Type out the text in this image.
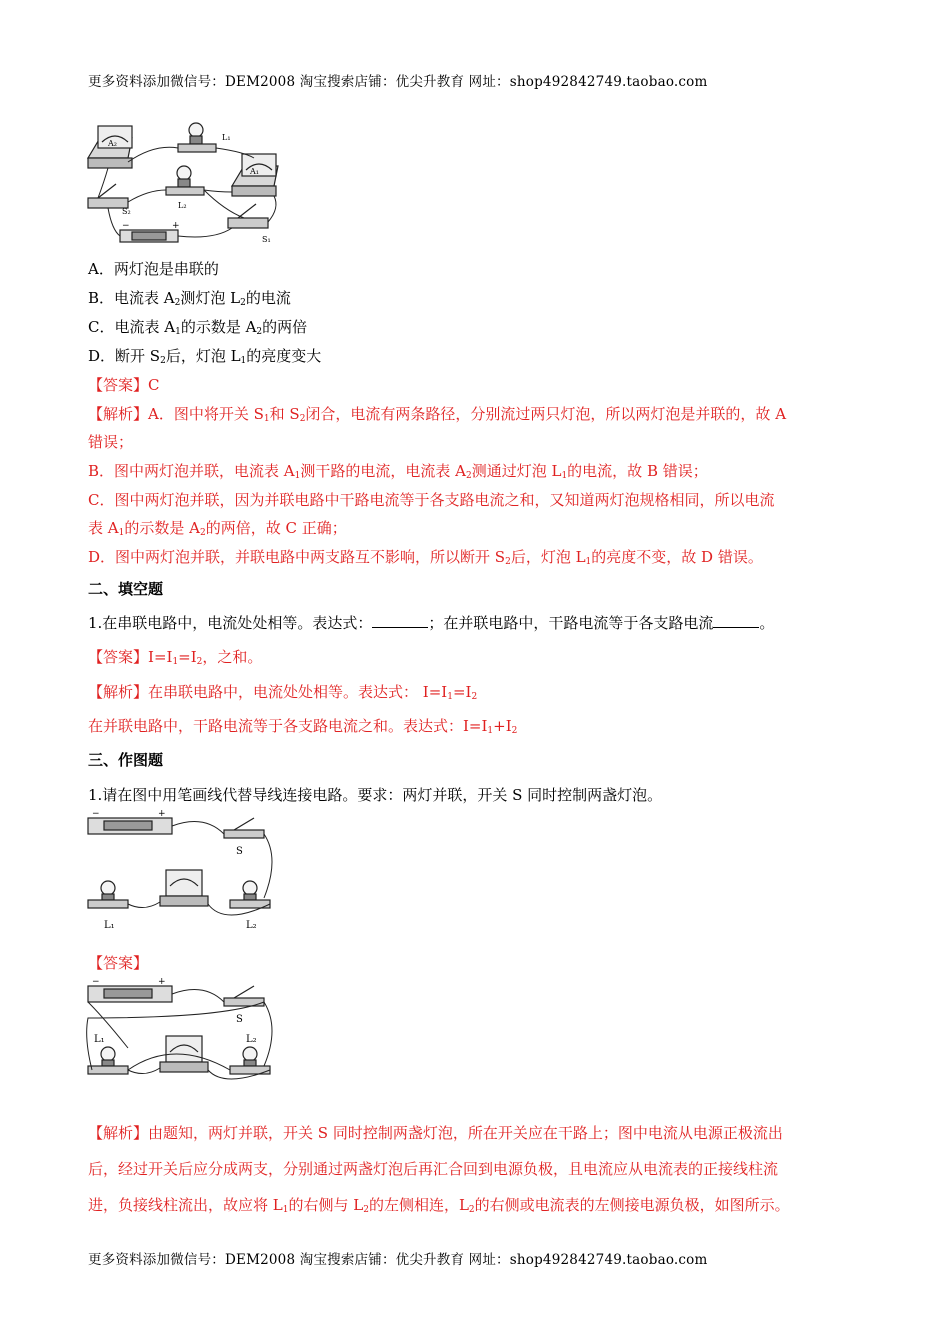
更多资料添加微信号：DEM2008 淘宝搜索店铺：优尖升教育 网址：shop492842749.taobao.com
A₂
L₁
A₁
L₂
S₂
S₁
−	+
A．两灯泡是串联的
B．电流表 $A_2$测灯泡 $L_2$的电流
C．电流表 $A_1$的示数是 $A_2$的两倍
D．断开 $S_2$后，灯泡 $L_1$的亮度变大
【答案】C
【解析】A．图中将开关 $S_1$和 $S_2$闭合，电流有两条路径，分别流过两只灯泡，所以两灯泡是并联的，故 A
错误；
B．图中两灯泡并联，电流表 $A_1$测干路的电流，电流表 $A_2$测通过灯泡 $L_1$的电流，故 B 错误；
C．图中两灯泡并联，因为并联电路中干路电流等于各支路电流之和，又知道两灯泡规格相同，所以电流
表 $A_1$的示数是 $A_2$的两倍，故 C 正确；
D．图中两灯泡并联，并联电路中两支路互不影响，所以断开 $S_2$后，灯泡 $L_1$的亮度不变，故 D 错误。
二、填空题
1.在串联电路中，电流处处相等。表达式：	；在并联电路中，干路电流等于各支路电流	。
【答案】$I=I_1=I_2$，之和。
【解析】在串联电路中，电流处处相等。表达式： $I=I_1=I_2$
在并联电路中，干路电流等于各支路电流之和。表达式：$I=I_1+I_2$
三、作图题
1.请在图中用笔画线代替导线连接电路。要求：两灯并联，开关 S 同时控制两盏灯泡。
−	+
S
L₁	L₂
【答案】
−	+
S
L₁	L₂
【解析】由题知，两灯并联，开关 S 同时控制两盏灯泡，所在开关应在干路上；图中电流从电源正极流出
后，经过开关后应分成两支，分别通过两盏灯泡后再汇合回到电源负极，且电流应从电流表的正接线柱流
进，负接线柱流出，故应将 $L_1$的右侧与 $L_2$的左侧相连，$L_2$的右侧或电流表的左侧接电源负极，如图所示。
更多资料添加微信号：DEM2008 淘宝搜索店铺：优尖升教育 网址：shop492842749.taobao.com
